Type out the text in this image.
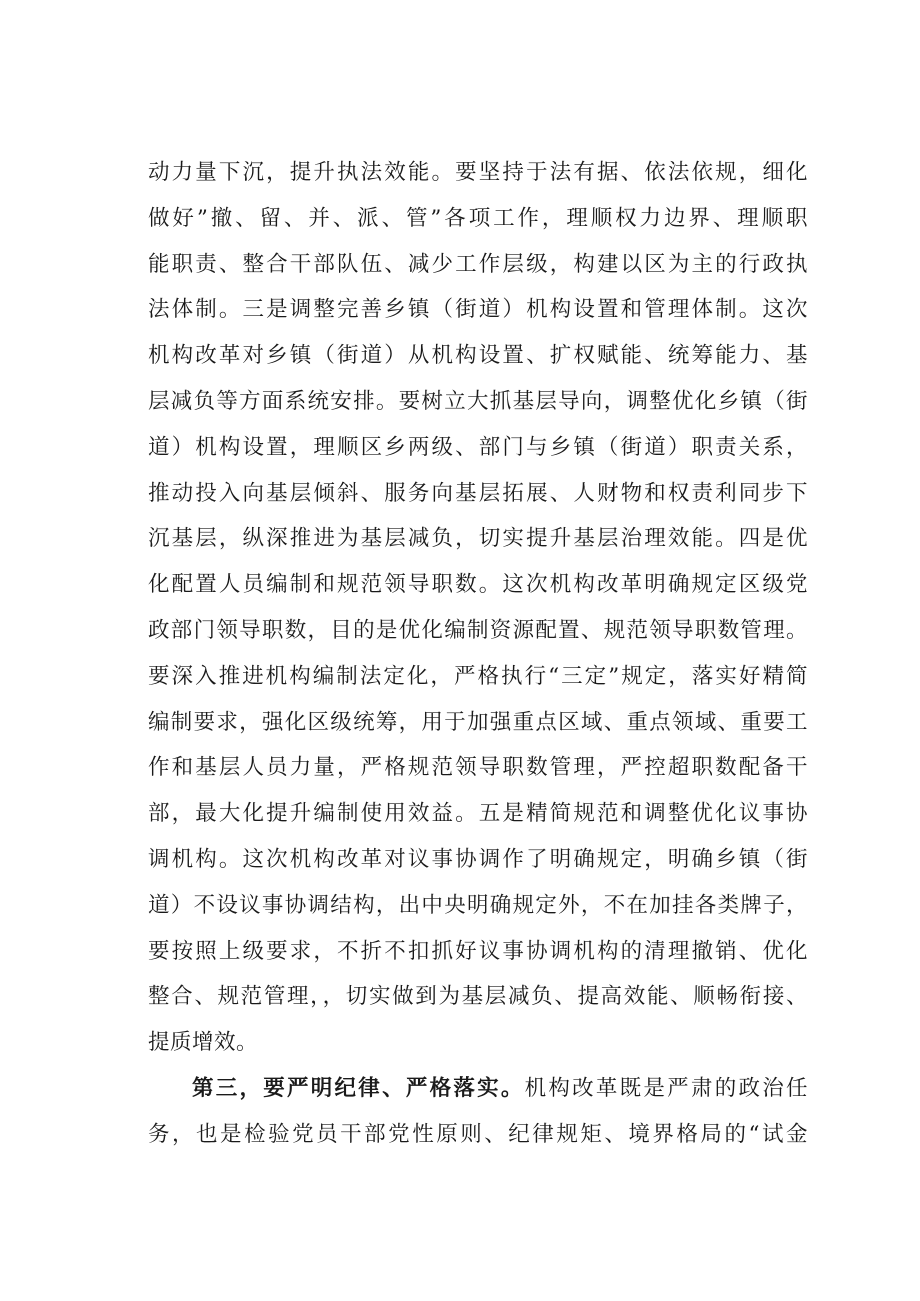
动力量下沉，提升执法效能。要坚持于法有据、依法依规，细化
做好”撤、留、并、派、管”各项工作，理顺权力边界、理顺职
能职责、整合干部队伍、减少工作层级，构建以区为主的行政执
法体制。三是调整完善乡镇（街道）机构设置和管理体制。这次
机构改革对乡镇（街道）从机构设置、扩权赋能、统筹能力、基
层减负等方面系统安排。要树立大抓基层导向，调整优化乡镇（街
道）机构设置，理顺区乡两级、部门与乡镇（街道）职责关系，
推动投入向基层倾斜、服务向基层拓展、人财物和权责利同步下
沉基层，纵深推进为基层减负，切实提升基层治理效能。四是优
化配置人员编制和规范领导职数。这次机构改革明确规定区级党
政部门领导职数，目的是优化编制资源配置、规范领导职数管理。
要深入推进机构编制法定化，严格执行“三定”规定，落实好精简
编制要求，强化区级统筹，用于加强重点区域、重点领域、重要工
作和基层人员力量，严格规范领导职数管理，严控超职数配备干
部，最大化提升编制使用效益。五是精简规范和调整优化议事协
调机构。这次机构改革对议事协调作了明确规定，明确乡镇（街
道）不设议事协调结构，出中央明确规定外，不在加挂各类牌子，
要按照上级要求，不折不扣抓好议事协调机构的清理撤销、优化
整合、规范管理，，切实做到为基层减负、提高效能、顺畅衔接、
提质增效。
第三，要严明纪律、严格落实。机构改革既是严肃的政治任
务，也是检验党员干部党性原则、纪律规矩、境界格局的“试金
